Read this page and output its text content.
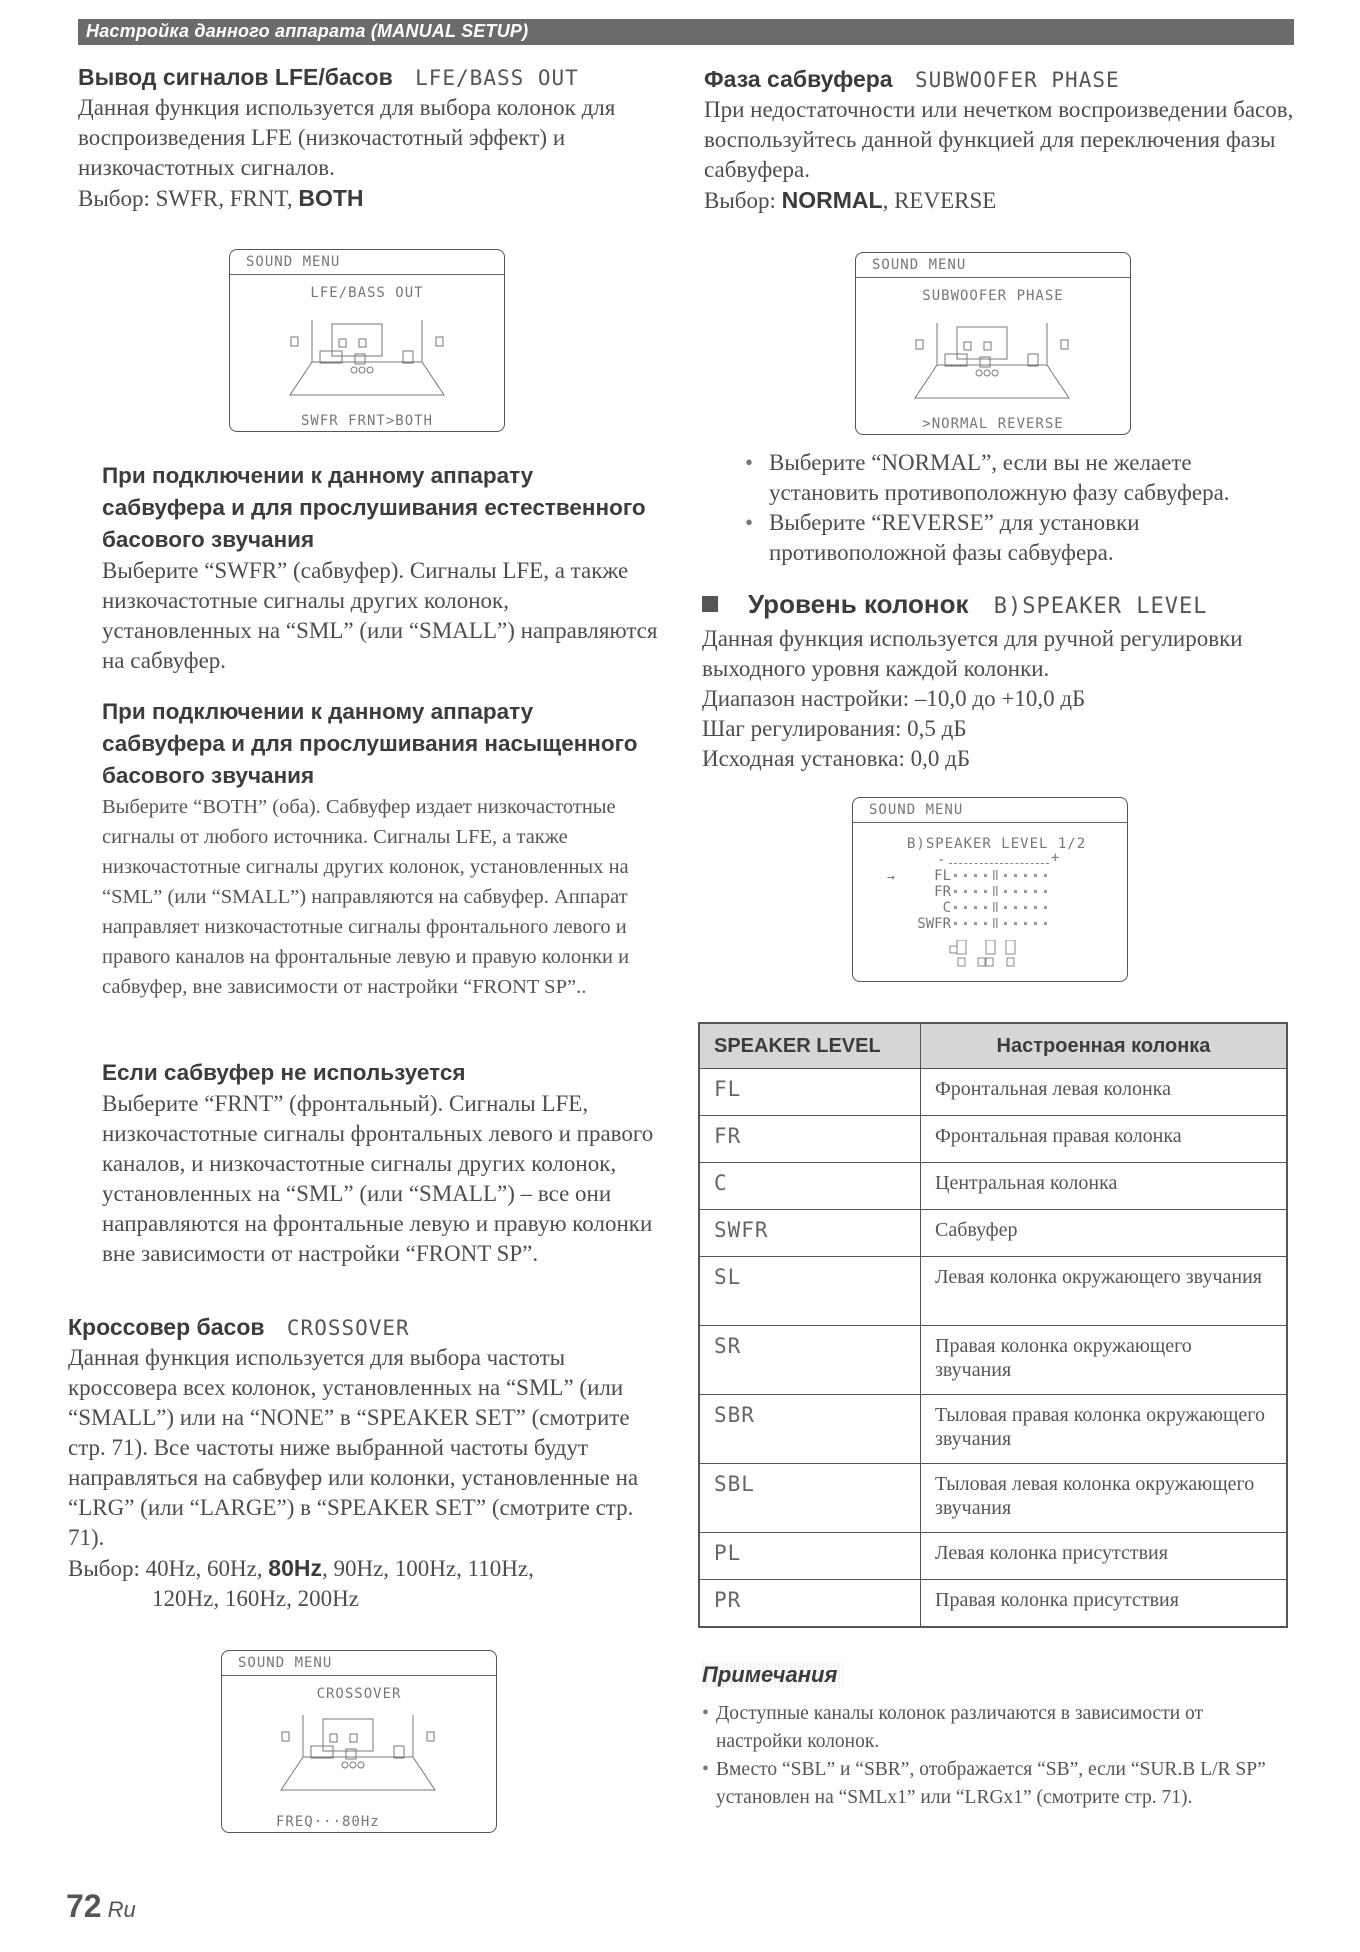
Настройка данного аппарата (MANUAL SETUP)
Вывод сигналов LFE/басов LFE/BASS OUT

Данная функция используется для выбора колонок для воспроизведения LFE (низкочастотный эффект) и низкочастотных сигналов.

Выбор: SWFR, FRNT, BOTH

SOUND MENU
LFE/BASS OUT
SWFR FRNT>BOTH
При подключении к данному аппарату сабвуфера и для прослушивания естественного басового звучания

Выберите “SWFR” (сабвуфер). Сигналы LFE, а также низкочастотные сигналы других колонок, установленных на “SML” (или “SMALL”) направляются на сабвуфер.

При подключении к данному аппарату сабвуфера и для прослушивания насыщенного басового звучания

Выберите “BOTH” (оба). Сабвуфер издает низкочастотные сигналы от любого источника. Сигналы LFE, а также низкочастотные сигналы других колонок, установленных на “SML” (или “SMALL”) направляются на сабвуфер. Аппарат направляет низкочастотные сигналы фронтального левого и правого каналов на фронтальные левую и правую колонки и сабвуфер, вне зависимости от настройки “FRONT SP”..

Если сабвуфер не используется

Выберите “FRNT” (фронтальный). Сигналы LFE, низкочастотные сигналы фронтальных левого и правого каналов, и низкочастотные сигналы других колонок, установленных на “SML” (или “SMALL”) – все они направляются на фронтальные левую и правую колонки вне зависимости от настройки “FRONT SP”.

Кроссовер басов CROSSOVER

Данная функция используется для выбора частоты кроссовера всех колонок, установленных на “SML” (или “SMALL”) или на “NONE” в “SPEAKER SET” (смотрите стр. 71). Все частоты ниже выбранной частоты будут направляться на сабвуфер или колонки, установленные на “LRG” (или “LARGE”) в “SPEAKER SET” (смотрите стр. 71).

Выбор: 40Hz, 60Hz, 80Hz, 90Hz, 100Hz, 110Hz,

120Hz, 160Hz, 200Hz

SOUND MENU
CROSSOVER
FREQ···80Hz
Фаза сабвуфера SUBWOOFER PHASE

При недостаточности или нечетком воспроизведении басов, воспользуйтесь данной функцией для переключения фазы сабвуфера.

Выбор: NORMAL, REVERSE

SOUND MENU
SUBWOOFER PHASE
>NORMAL REVERSE
• Выберите “NORMAL”, если вы не желаете установить противоположную фазу сабвуфера.
• Выберите “REVERSE” для установки противоположной фазы сабвуфера.
Уровень колонок B)SPEAKER LEVEL

Данная функция используется для ручной регулировки выходного уровня каждой колонки.

Диапазон настройки: –10,0 до +10,0 дБ

Шаг регулирования: 0,5 дБ

Исходная установка: 0,0 дБ

SOUND MENU
B)SPEAKER LEVEL 1/2
-	+
→	FL
FR
C
SWFR
SPEAKER LEVEL	Настроенная колонка
FL	Фронтальная левая колонка
FR	Фронтальная правая колонка
C	Центральная колонка
SWFR	Сабвуфер
SL	Левая колонка окружающего звучания
SR	Правая колонка окружающего звучания
SBR	Тыловая правая колонка окружающего звучания
SBL	Тыловая левая колонка окружающего звучания
PL	Левая колонка присутствия
PR	Правая колонка присутствия
Примечания
• Доступные каналы колонок различаются в зависимости от настройки колонок.
• Вместо “SBL” и “SBR”, отображается “SB”, если “SUR.B L/R SP” установлен на “SMLx1” или “LRGx1” (смотрите стр. 71).
72 Ru
